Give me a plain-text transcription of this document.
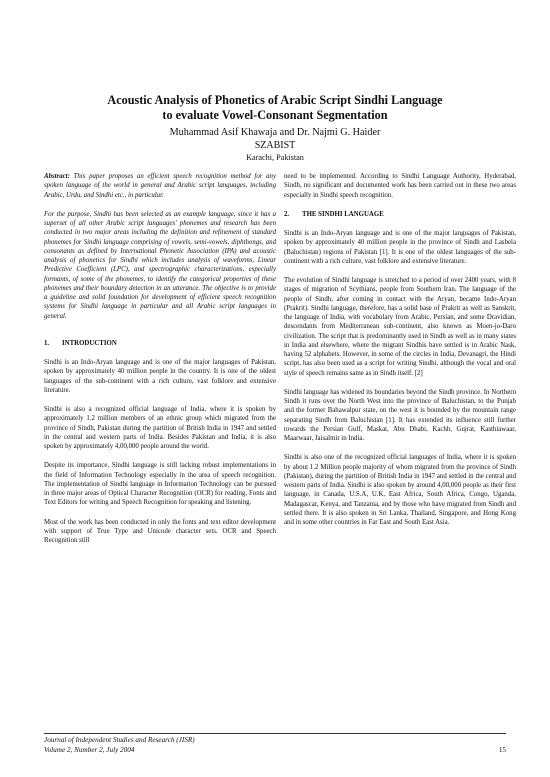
Acoustic Analysis of Phonetics of Arabic Script Sindhi Language
to evaluate Vowel-Consonant Segmentation
Muhammad Asif Khawaja and Dr. Najmi G. Haider
SZABIST
Karachi, Pakistan

Abstract: This paper proposes an efficient speech recognition method for any spoken language of the world in general and Arabic script languages, including Arabic, Urdu, and Sindhi etc., in particular.

For the purpose, Sindhi has been selected as an example language, since it has a superset of all other Arabic script languages' phonemes and research has been conducted in two major areas including the definition and refinement of standard phonemes for Sindhi language comprising of vowels, semi-vowels, diphthongs, and consonants as defined by International Phonetic Association (IPA) and acoustic analysis of phonetics for Sindhi which includes analysis of waveforms, Linear Predictive Coefficient (LPC), and spectrographic characterizations, especially formants, of some of the phonemes, to identify the categorical properties of these phonemes and their boundary detection in an utterance. The objective is to provide a guideline and solid foundation for development of efficient speech recognition systems for Sindhi language in particular and all Arabic script languages in general.

1. INTRODUCTION

Sindhi is an Indo-Aryan language and is one of the major languages of Pakistan, spoken by approximately 40 million people in the country. It is one of the oldest languages of the sub-continent with a rich culture, vast folklore and extensive literature.

Sindhi is also a recognized official language of India, where it is spoken by approximately 1.2 million members of an ethnic group which migrated from the province of Sindh, Pakistan during the partition of British India in 1947 and settled in the central and western parts of India. Besides Pakistan and India, it is also spoken by approximately 4,00,000 people around the world.

Despite its importance, Sindhi language is still lacking robust implementations in the field of Information Technology especially in the area of speech recognition. The implementation of Sindhi language in Information Technology can be pursued in three major areas of Optical Character Recognition (OCR) for reading, Fonts and Text Editors for writing and Speech Recognition for speaking and listening.

Most of the work has been conducted in only the fonts and text editor development with support of True Type and Unicode character sets. OCR and Speech Recognition still

need to be implemented. According to Sindhi Language Authority, Hyderabad, Sindh, no significant and documented work has been carried out in these two areas especially in Sindhi speech recognition.

2. THE SINDHI LANGUAGE

Sindhi is an Indo-Aryan language and is one of the major languages of Pakistan, spoken by approximately 40 million people in the province of Sindh and Lasbela (Baluchistan) regions of Pakistan [1]. It is one of the oldest languages of the sub-continent with a rich culture, vast folklore and extensive literature.

The evolution of Sindhi language is stretched to a period of over 2400 years, with 8 stages of migration of Scythians, people from Southern Iran. The language of the people of Sindh, after coming in contact with the Aryan, became Indo-Aryan (Prakrit). Sindhi language, therefore, has a solid base of Prakrit as well as Sanskrit, the language of India, with vocabulary from Arabic, Persian, and some Dravidian, descendants from Mediterranean sub-continent, also known as Moen-jo-Daro civilization. The script that is predominantly used in Sindh as well as in many states in India and elsewhere, where the migrant Sindhis have settled is in Arabic Nask, having 52 alphabets. However, in some of the circles in India, Devanagri, the Hindi script, has also been used as a script for writing Sindhi, although the vocal and oral style of speech remains same as in Sindh itself. [2]

Sindhi language has widened its boundaries beyond the Sindh province. In Northern Sindh it runs over the North West into the province of Baluchistan, to the Punjab and the former Bahawalpur state, on the west it is bounded by the mountain range separating Sindh from Baluchistan [1]. It has extended its influence still further towards the Persian Gulf, Maskat, Abu Dhabi, Kachh, Gujrat, Kasthiawaar, Maarwaar, Jaisalmir in India.

Sindhi is also one of the recognized official languages of India, where it is spoken by about 1.2 Million people majority of whom migrated from the province of Sindh (Pakistan), during the partition of British India in 1947 and settled in the central and western parts of India. Sindhi is also spoken by around 4,00,000 people as their first language, in Canada, U.S.A, U.K, East Africa, South Africa, Congo, Uganda, Madagascar, Kenya, and Tanzania, and by those who have migrated from Sindh and settled there. It is also spoken in Sri Lanka, Thailand, Singapore, and Hong Kong and in some other countries in Far East and South East Asia.

Journal of Independent Studies and Research (JISR)
Volume 2, Number 2, July 2004	15
